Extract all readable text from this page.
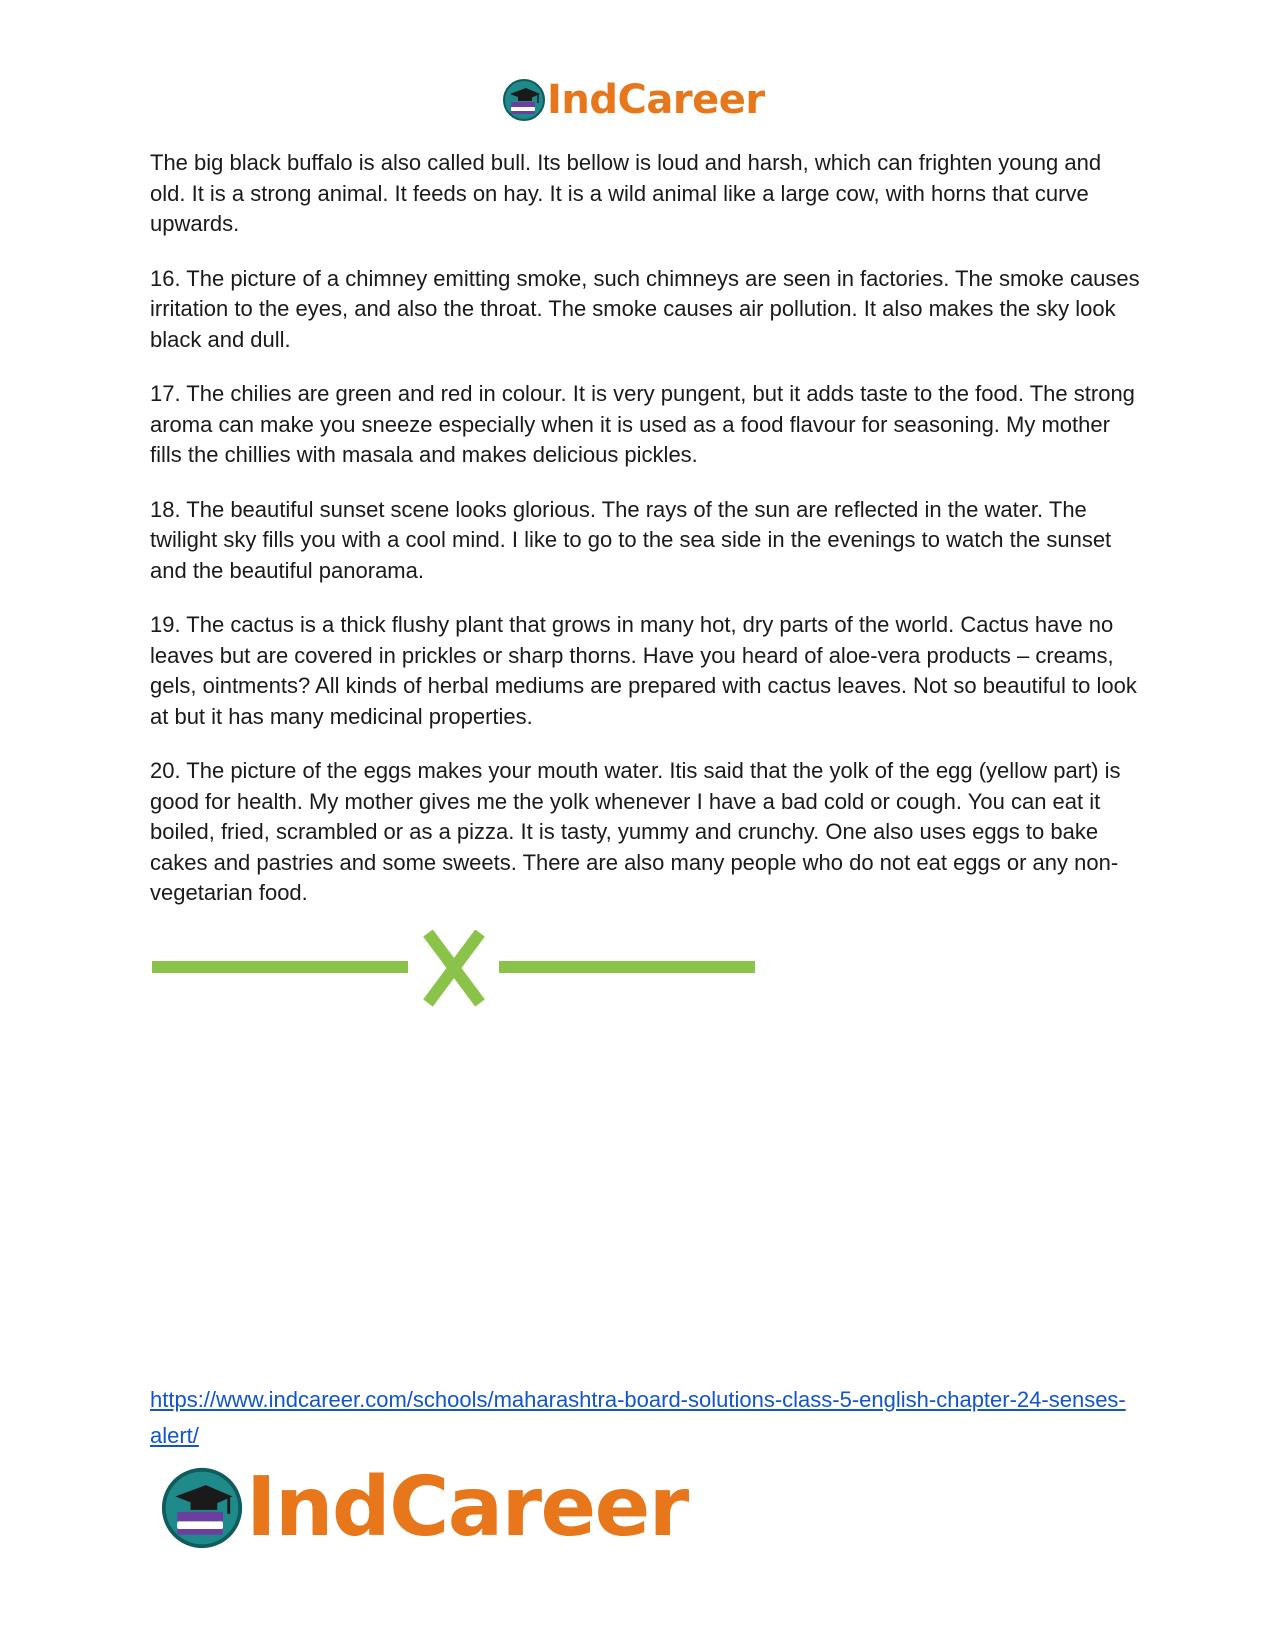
IndCareer

The big black buffalo is also called bull. Its bellow is loud and harsh, which can frighten young and old. It is a strong animal. It feeds on hay. It is a wild animal like a large cow, with horns that curve upwards.

16. The picture of a chimney emitting smoke, such chimneys are seen in factories. The smoke causes irritation to the eyes, and also the throat. The smoke causes air pollution. It also makes the sky look black and dull.

17. The chilies are green and red in colour. It is very pungent, but it adds taste to the food. The strong aroma can make you sneeze especially when it is used as a food flavour for seasoning. My mother fills the chillies with masala and makes delicious pickles.

18. The beautiful sunset scene looks glorious. The rays of the sun are reflected in the water. The twilight sky fills you with a cool mind. I like to go to the sea side in the evenings to watch the sunset and the beautiful panorama.

19. The cactus is a thick flushy plant that grows in many hot, dry parts of the world. Cactus have no leaves but are covered in prickles or sharp thorns. Have you heard of aloe-vera products – creams, gels, ointments? All kinds of herbal mediums are prepared with cactus leaves. Not so beautiful to look at but it has many medicinal properties.

20. The picture of the eggs makes your mouth water. Itis said that the yolk of the egg (yellow part) is good for health. My mother gives me the yolk whenever I have a bad cold or cough. You can eat it boiled, fried, scrambled or as a pizza. It is tasty, yummy and crunchy. One also uses eggs to bake cakes and pastries and some sweets. There are also many people who do not eat eggs or any non-vegetarian food.

https://www.indcareer.com/schools/maharashtra-board-solutions-class-5-english-chapter-24-senses-alert/
IndCareer
